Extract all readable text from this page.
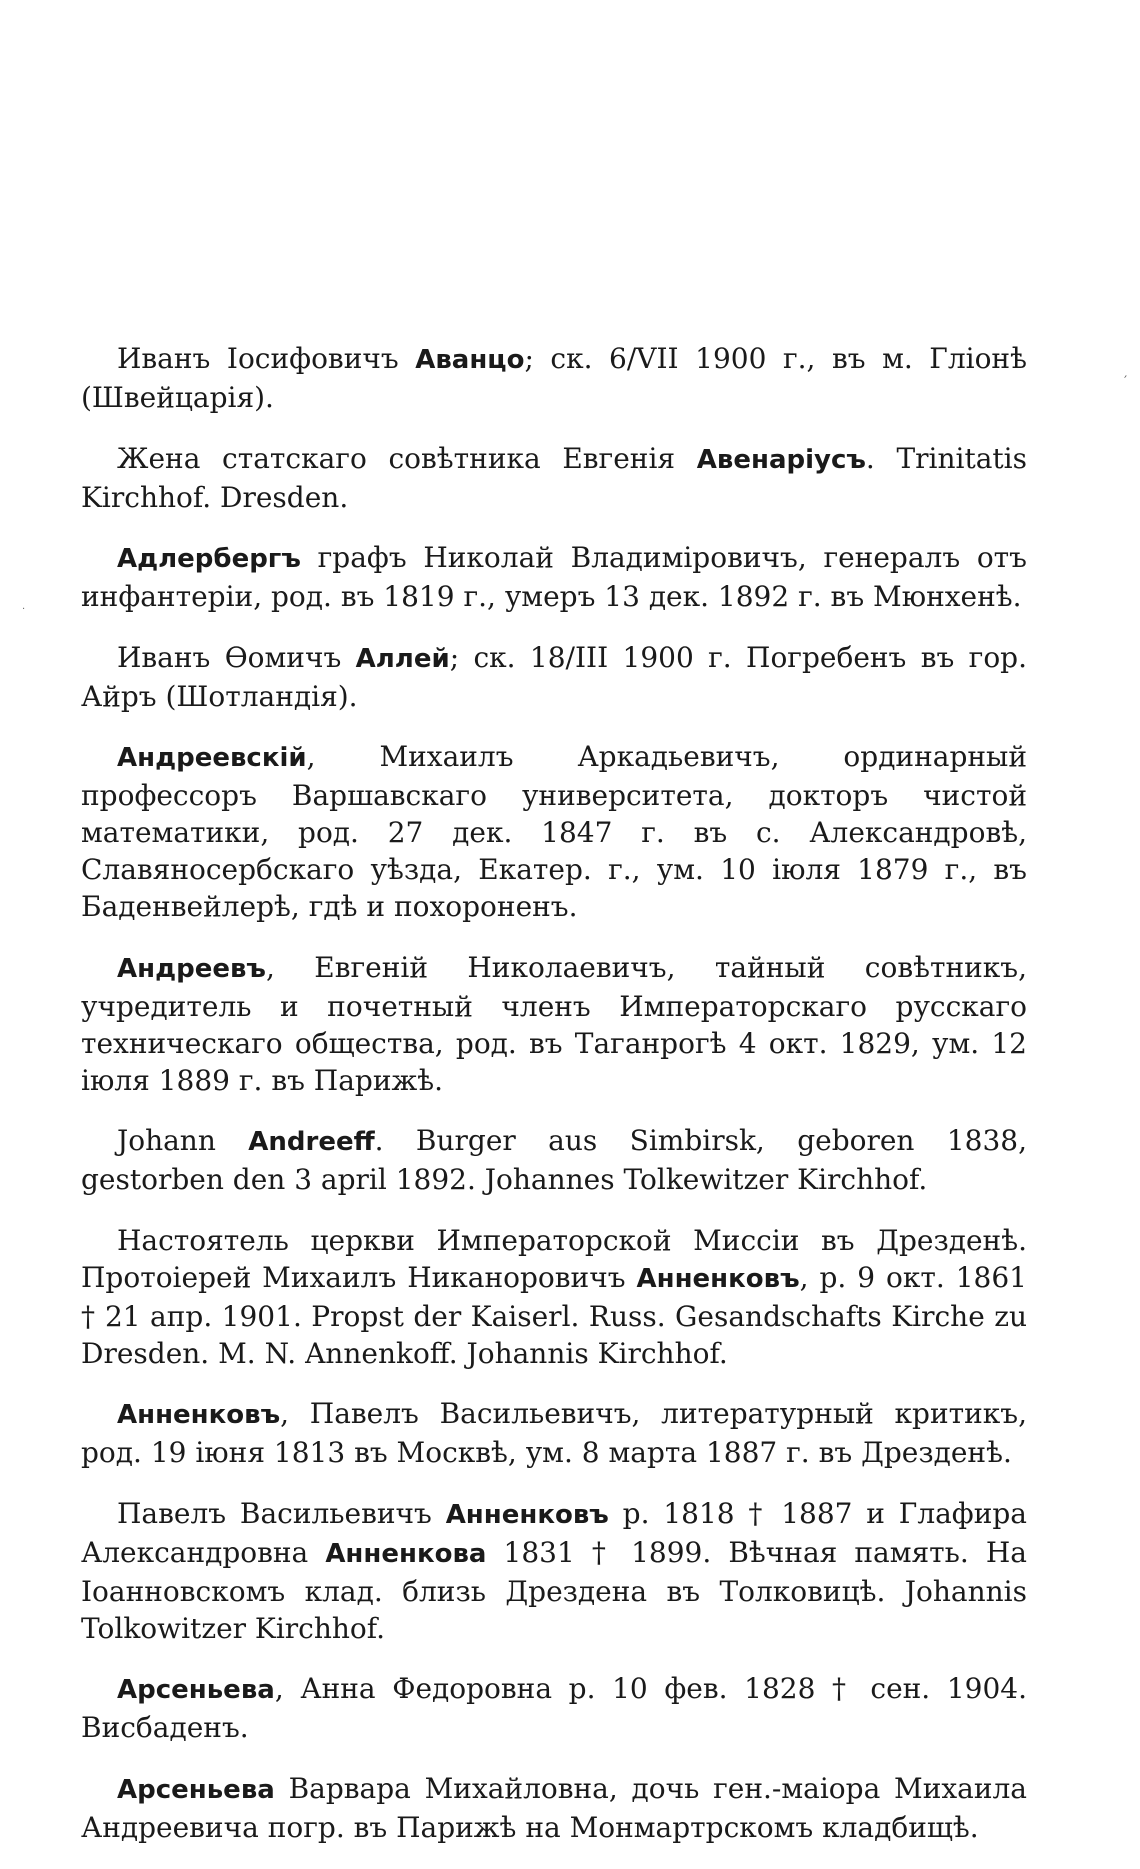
′
·

Иванъ Іосифовичъ Аванцо; ск. 6/VII 1900 г., въ м. Гліонѣ (Швейцарія).

Жена статскаго совѣтника Евгенія Авенаріусъ. Trinitatis Kirchhof. Dresden.

Адлербергъ графъ Николай Владиміровичъ, генералъ отъ инфантеріи, род. въ 1819 г., умеръ 13 дек. 1892 г. въ Мюнхенѣ.

Иванъ Ѳомичъ Аллей; ск. 18/III 1900 г. Погребенъ въ гор. Айръ (Шотландія).

Андреевскій, Михаилъ Аркадьевичъ, ординарный профессоръ Варшавскаго университета, докторъ чистой математики, род. 27 дек. 1847 г. въ с. Александровѣ, Славяносербскаго уѣзда, Екатер. г., ум. 10 іюля 1879 г., въ Баденвейлерѣ, гдѣ и похороненъ.

Андреевъ, Евгеній Николаевичъ, тайный совѣтникъ, учредитель и почетный членъ Императорскаго русскаго техническаго общества, род. въ Таганрогѣ 4 окт. 1829, ум. 12 іюля 1889 г. въ Парижѣ.

Johann Andreeff. Burger aus Simbirsk, geboren 1838, gestorben den 3 april 1892. Johannes Tolkewitzer Kirchhof.

Настоятель церкви Императорской Миссіи въ Дрезденѣ. Протоіерей Михаилъ Никаноровичъ Анненковъ, р. 9 окт. 1861 † 21 апр. 1901. Propst der Kaiserl. Russ. Gesandschafts Kirche zu Dresden. M. N. Annenkoff. Johannis Kirchhof.

Анненковъ, Павелъ Васильевичъ, литературный критикъ, род. 19 іюня 1813 въ Москвѣ, ум. 8 марта 1887 г. въ Дрезденѣ.

Павелъ Васильевичъ Анненковъ р. 1818 † 1887 и Глафира Александровна Анненкова 1831 † 1899. Вѣчная память. На Іоанновскомъ клад. близь Дрездена въ Толковицѣ. Johannis Tolkowitzer Kirchhof.

Арсеньева, Анна Федоровна р. 10 фев. 1828 † сен. 1904. Висбаденъ.

Арсеньева Варвара Михайловна, дочь ген.-маіора Михаила Андреевича погр. въ Парижѣ на Монмартрскомъ кладбищѣ.
